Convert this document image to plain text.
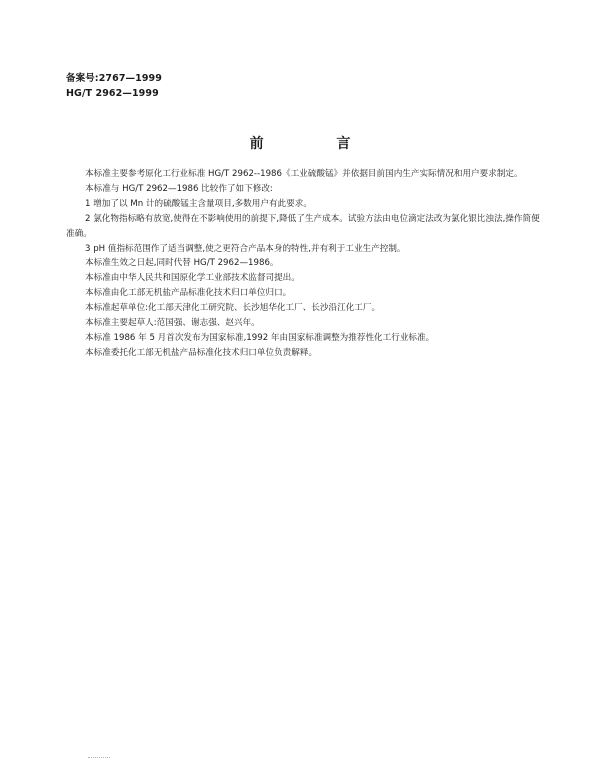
备案号:2767—1999
HG/T 2962—1999
前 言

本标准主要参考原化工行业标准 HG/T 2962--1986《工业硫酸锰》并依据目前国内生产实际情况和用户要求制定。

本标准与 HG/T 2962—1986 比较作了如下修改:

1 增加了以 Mn 计的硫酸锰主含量项目,多数用户有此要求。

2 氯化物指标略有放宽,使得在不影响使用的前提下,降低了生产成本。试验方法由电位滴定法改为氯化银比浊法,操作简便准确。

3 pH 值指标范围作了适当调整,使之更符合产品本身的特性,并有利于工业生产控制。

本标准生效之日起,同时代替 HG/T 2962—1986。

本标准由中华人民共和国原化学工业部技术监督司提出。

本标准由化工部无机盐产品标准化技术归口单位归口。

本标准起草单位:化工部天津化工研究院、长沙旭华化工厂、长沙沿江化工厂。

本标准主要起草人:范国强、谢志强、赵兴年。

本标准 1986 年 5 月首次发布为国家标准,1992 年由国家标准调整为推荐性化工行业标准。

本标准委托化工部无机盐产品标准化技术归口单位负责解释。
